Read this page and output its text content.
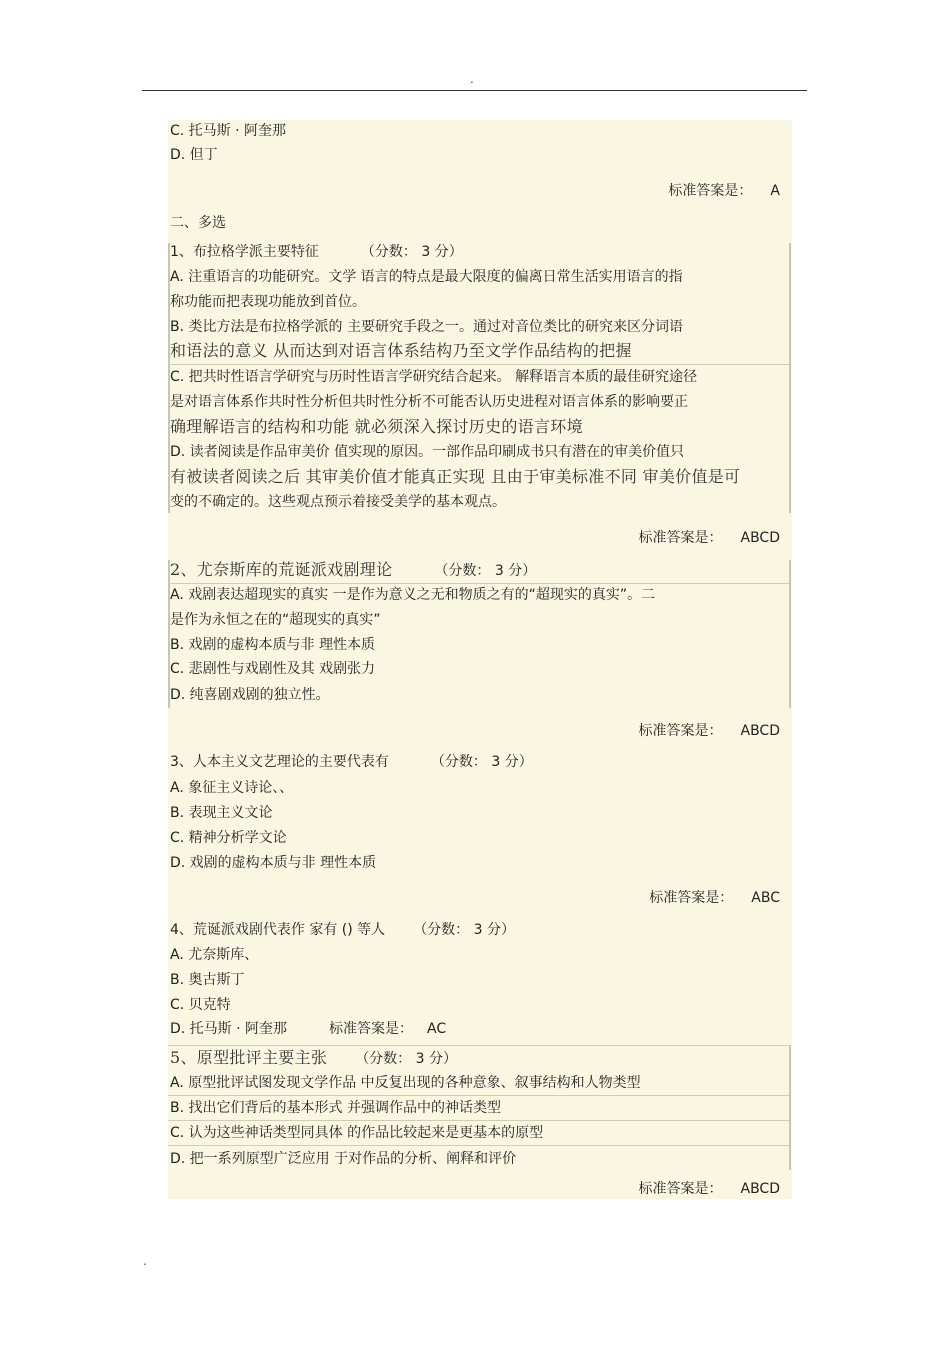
.
C. 托马斯 · 阿奎那
D. 但丁
标准答案是： A
二、多选
1、布拉格学派主要特征	（分数： 3 分）
A. 注重语言的功能研究。文学 语言的特点是最大限度的偏离日常生活实用语言的指
称功能而把表现功能放到首位。
B. 类比方法是布拉格学派的 主要研究手段之一。通过对音位类比的研究来区分词语
和语法的意义 从而达到对语言体系结构乃至文学作品结构的把握
C. 把共时性语言学研究与历时性语言学研究结合起来。 解释语言本质的最佳研究途径
是对语言体系作共时性分析但共时性分析不可能否认历史进程对语言体系的影响要正
确理解语言的结构和功能 就必须深入探讨历史的语言环境
D. 读者阅读是作品审美价 值实现的原因。一部作品印刷成书只有潜在的审美价值只
有被读者阅读之后 其审美价值才能真正实现 且由于审美标准不同 审美价值是可
变的不确定的。这些观点预示着接受美学的基本观点。
标准答案是： ABCD
2、尤奈斯库的荒诞派戏剧理论	（分数： 3 分）
A. 戏剧表达超现实的真实 一是作为意义之无和物质之有的“超现实的真实”。二
是作为永恒之在的“超现实的真实”
B. 戏剧的虚构本质与非 理性本质
C. 悲剧性与戏剧性及其 戏剧张力
D. 纯喜剧戏剧的独立性。
标准答案是： ABCD
3、人本主义文艺理论的主要代表有	（分数： 3 分）
A. 象征主义诗论、、
B. 表现主义文论
C. 精神分析学文论
D. 戏剧的虚构本质与非 理性本质
标准答案是： ABC
4、荒诞派戏剧代表作 家有 () 等人 （分数： 3 分）
A. 尤奈斯库、
B. 奥古斯丁
C. 贝克特
D. 托马斯 · 阿奎那	标准答案是： AC
5、原型批评主要主张 （分数： 3 分）
A. 原型批评试图发现文学作品 中反复出现的各种意象、叙事结构和人物类型
B. 找出它们背后的基本形式 并强调作品中的神话类型
C. 认为这些神话类型同具体 的作品比较起来是更基本的原型
D. 把一系列原型广泛应用 于对作品的分析、阐释和评价
标准答案是： ABCD
.
